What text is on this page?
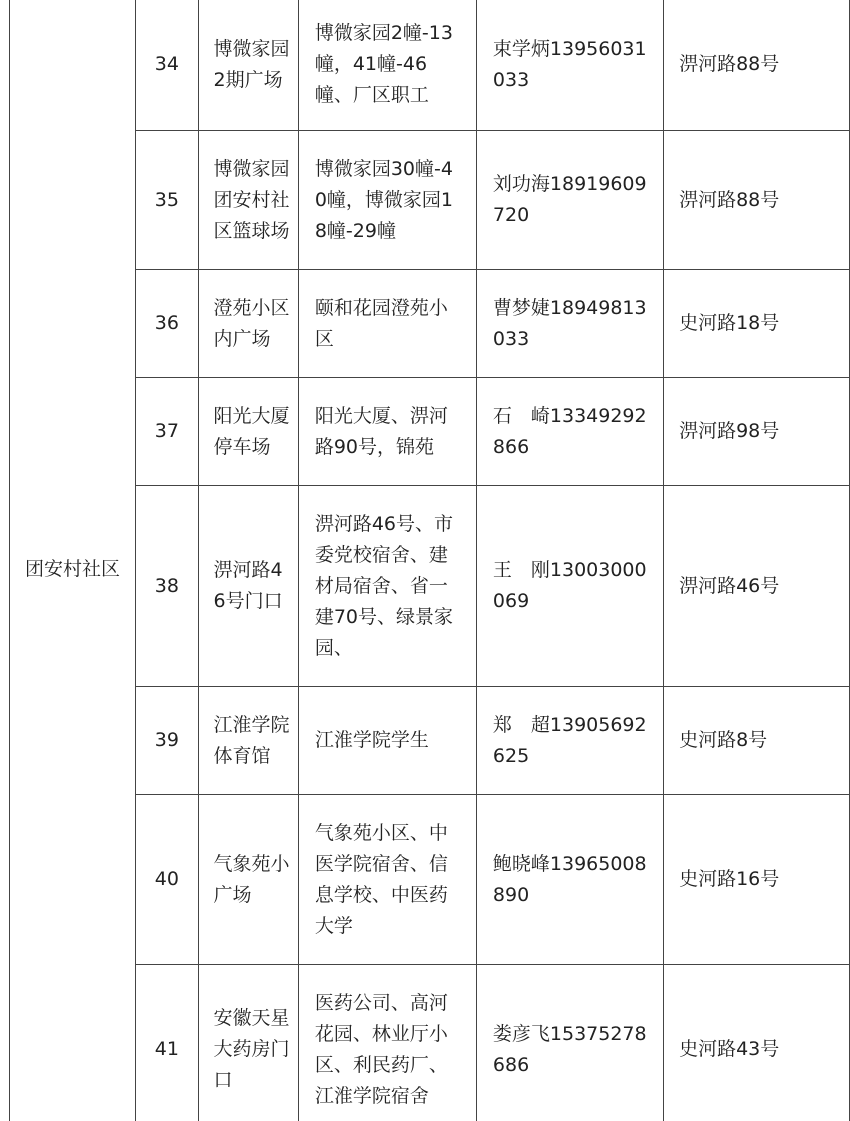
团安村社区	34	博微家园2期广场	博微家园2幢-13幢，41幢-46幢、厂区职工	束学炳13956031033	淠河路88号
	35	博微家园团安村社区篮球场	博微家园30幢-40幢，博微家园18幢-29幢	刘功海18919609720	淠河路88号
	36	澄苑小区内广场	颐和花园澄苑小区	曹梦婕18949813033	史河路18号
	37	阳光大厦停车场	阳光大厦、淠河路90号，锦苑	石　崎13349292866	淠河路98号
	38	淠河路46号门口	淠河路46号、市委党校宿舍、建材局宿舍、省一建70号、绿景家园、	王　刚13003000069	淠河路46号
	39	江淮学院体育馆	江淮学院学生	郑　超13905692625	史河路8号
	40	气象苑小广场	气象苑小区、中医学院宿舍、信息学校、中医药大学	鲍晓峰13965008890	史河路16号
	41	安徽天星大药房门口	医药公司、高河花园、林业厅小区、利民药厂、江淮学院宿舍	娄彦飞15375278686	史河路43号
